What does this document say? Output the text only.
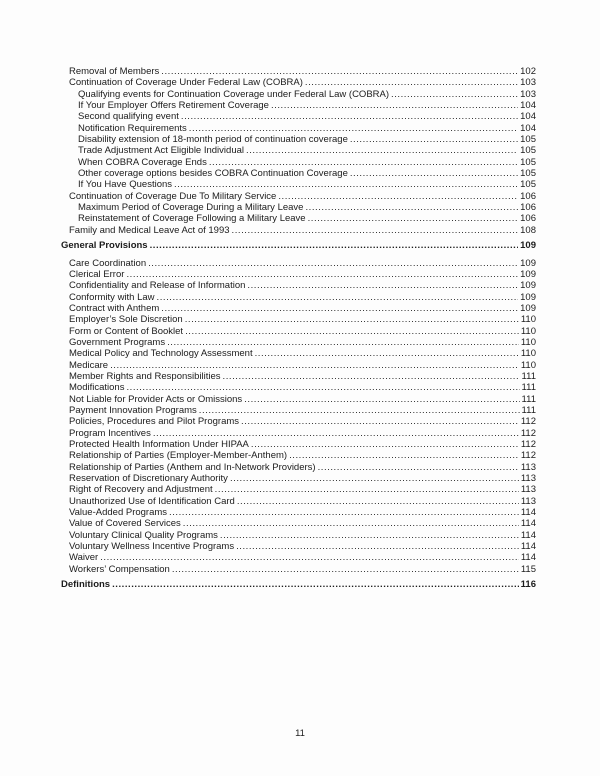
Removal of Members .....	102
Continuation of Coverage Under Federal Law (COBRA) .....	103
Qualifying events for Continuation Coverage under Federal Law (COBRA) .....	103
If Your Employer Offers Retirement Coverage .....	104
Second qualifying event .....	104
Notification Requirements .....	104
Disability extension of 18-month period of continuation coverage .....	105
Trade Adjustment Act Eligible Individual .....	105
When COBRA Coverage Ends .....	105
Other coverage options besides COBRA Continuation Coverage .....	105
If You Have Questions .....	105
Continuation of Coverage Due To Military Service .....	106
Maximum Period of Coverage During a Military Leave .....	106
Reinstatement of Coverage Following a Military Leave .....	106
Family and Medical Leave Act of 1993 .....	108
General Provisions .....	109
Care Coordination .....	109
Clerical Error .....	109
Confidentiality and Release of Information .....	109
Conformity with Law .....	109
Contract with Anthem .....	109
Employer’s Sole Discretion .....	110
Form or Content of Booklet .....	110
Government Programs .....	110
Medical Policy and Technology Assessment .....	110
Medicare .....	110
Member Rights and Responsibilities .....	111
Modifications .....	111
Not Liable for Provider Acts or Omissions .....	111
Payment Innovation Programs .....	111
Policies, Procedures and Pilot Programs .....	112
Program Incentives .....	112
Protected Health Information Under HIPAA .....	112
Relationship of Parties (Employer-Member-Anthem) .....	112
Relationship of Parties (Anthem and In-Network Providers) .....	113
Reservation of Discretionary Authority .....	113
Right of Recovery and Adjustment .....	113
Unauthorized Use of Identification Card .....	113
Value-Added Programs .....	114
Value of Covered Services .....	114
Voluntary Clinical Quality Programs .....	114
Voluntary Wellness Incentive Programs .....	114
Waiver .....	114
Workers’ Compensation .....	115
Definitions .....	116
11
